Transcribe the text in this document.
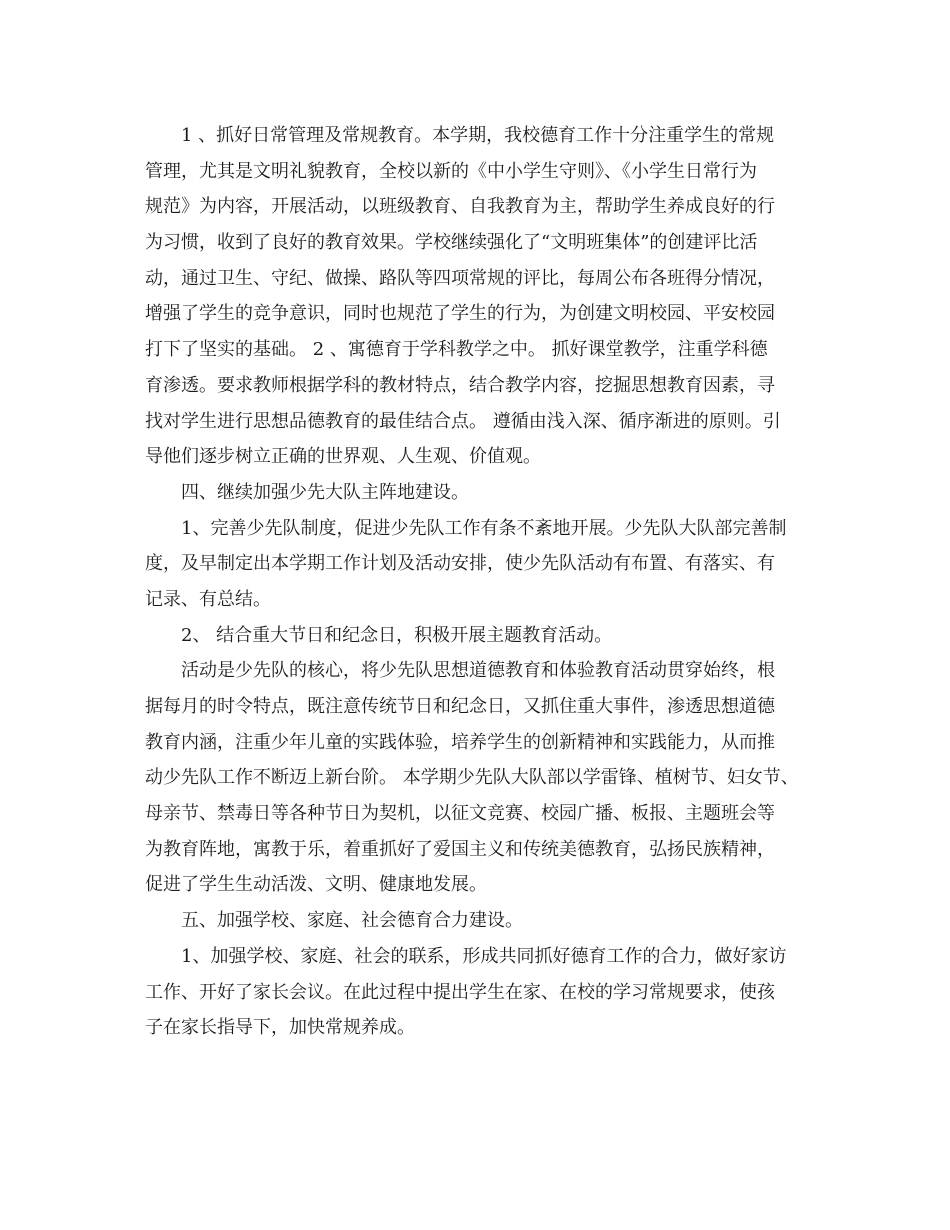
1 、抓好日常管理及常规教育。本学期，我校德育工作十分注重学生的常规
管理，尤其是文明礼貌教育，全校以新的《中小学生守则》、《小学生日常行为
规范》为内容，开展活动，以班级教育、自我教育为主，帮助学生养成良好的行
为习惯，收到了良好的教育效果。学校继续强化了“文明班集体”的创建评比活
动，通过卫生、守纪、做操、路队等四项常规的评比，每周公布各班得分情况，
增强了学生的竞争意识，同时也规范了学生的行为，为创建文明校园、平安校园
打下了坚实的基础。 2 、寓德育于学科教学之中。 抓好课堂教学，注重学科德
育渗透。要求教师根据学科的教材特点，结合教学内容，挖掘思想教育因素，寻
找对学生进行思想品德教育的最佳结合点。 遵循由浅入深、循序渐进的原则。引
导他们逐步树立正确的世界观、人生观、价值观。
四、继续加强少先大队主阵地建设。
1、完善少先队制度，促进少先队工作有条不紊地开展。少先队大队部完善制
度，及早制定出本学期工作计划及活动安排，使少先队活动有布置、有落实、有
记录、有总结。
2、 结合重大节日和纪念日，积极开展主题教育活动。
活动是少先队的核心，将少先队思想道德教育和体验教育活动贯穿始终，根
据每月的时令特点，既注意传统节日和纪念日，又抓住重大事件，渗透思想道德
教育内涵，注重少年儿童的实践体验，培养学生的创新精神和实践能力，从而推
动少先队工作不断迈上新台阶。 本学期少先队大队部以学雷锋、植树节、妇女节、
母亲节、禁毒日等各种节日为契机，以征文竞赛、校园广播、板报、主题班会等
为教育阵地，寓教于乐，着重抓好了爱国主义和传统美德教育，弘扬民族精神，
促进了学生生动活泼、文明、健康地发展。
五、加强学校、家庭、社会德育合力建设。
1、加强学校、家庭、社会的联系，形成共同抓好德育工作的合力，做好家访
工作、开好了家长会议。在此过程中提出学生在家、在校的学习常规要求，使孩
子在家长指导下，加快常规养成。
